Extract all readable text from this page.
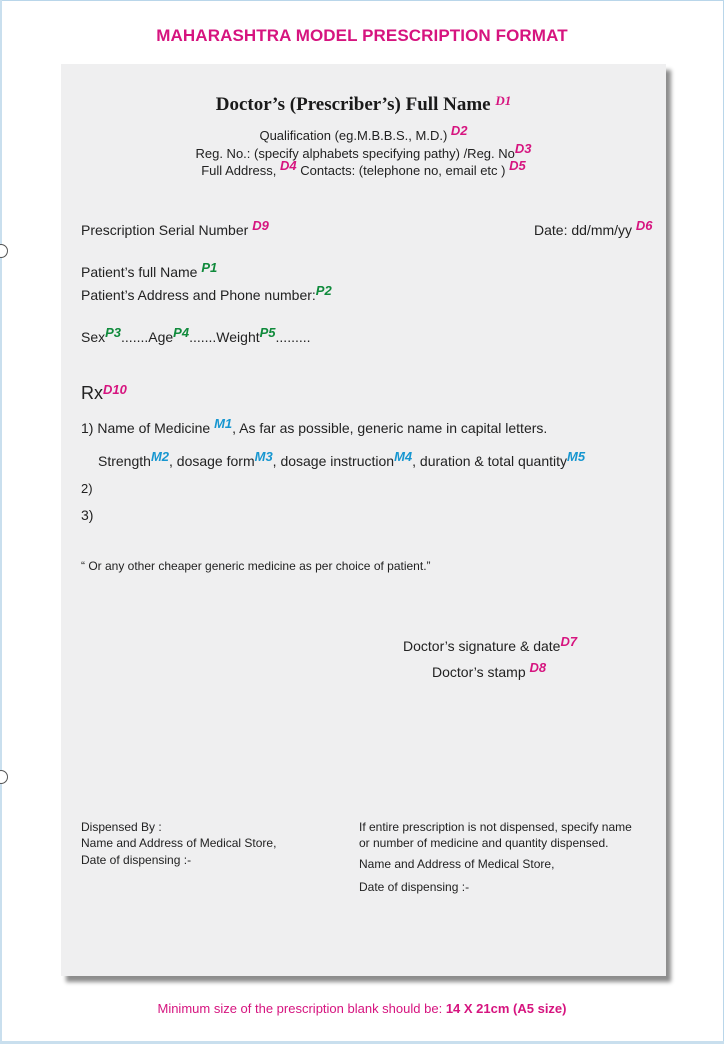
MAHARASHTRA MODEL PRESCRIPTION FORMAT
Doctor’s (Prescriber’s) Full Name $^{D1}$
Qualification (eg.M.B.B.S., M.D.) D2
Reg. No.: (specify alphabets specifying pathy) /Reg. NoD3
Full Address, D4 Contacts: (telephone no, email etc ) D5
Prescription Serial Number D9	Date: dd/mm/yy D6
Patient’s full Name P1
Patient’s Address and Phone number:P2
SexP3.......AgeP4.......WeightP5.........
RxD10
1) Name of Medicine M1, As far as possible, generic name in capital letters.
StrengthM2, dosage formM3, dosage instructionM4, duration & total quantityM5
2)
3)
“ Or any other cheaper generic medicine as per choice of patient.”
Doctor’s signature & dateD7
Doctor’s stamp D8
Dispensed By :
Name and Address of Medical Store,
Date of dispensing :-
If entire prescription is not dispensed, specify name
or number of medicine and quantity dispensed.
Name and Address of Medical Store,
Date of dispensing :-
Minimum size of the prescription blank should be: 14 X 21cm (A5 size)
